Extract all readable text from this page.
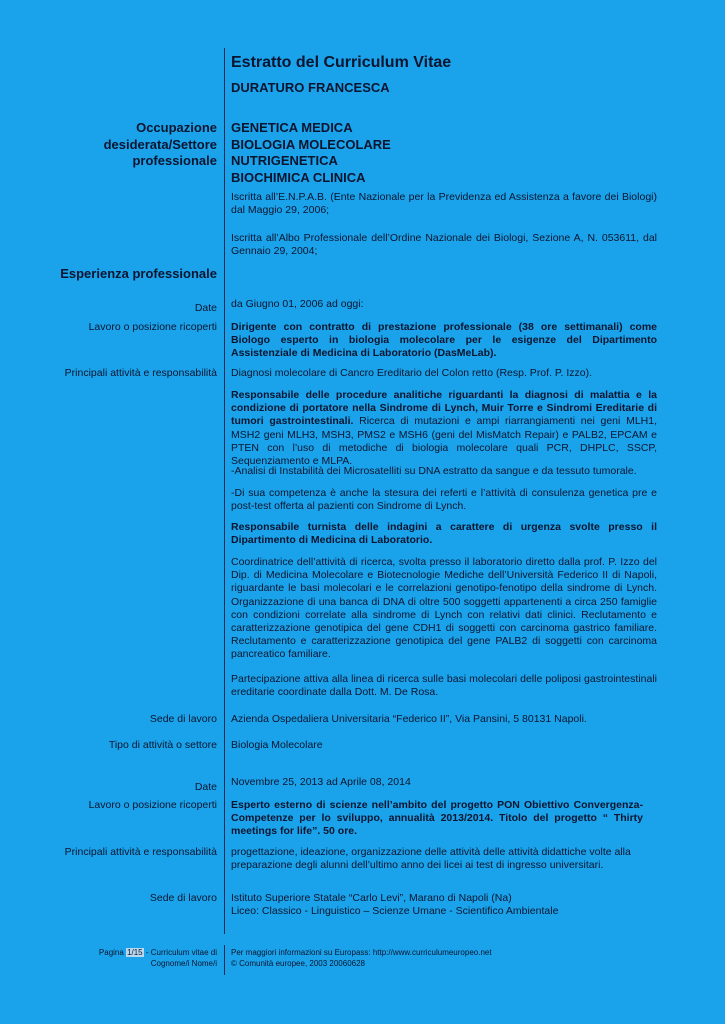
Estratto del Curriculum Vitae
DURATURO FRANCESCA
Occupazione
desiderata/Settore
professionale
GENETICA MEDICA
BIOLOGIA MOLECOLARE
NUTRIGENETICA
BIOCHIMICA CLINICA
Iscritta all’E.N.P.A.B. (Ente Nazionale per la Previdenza ed Assistenza a favore dei Biologi) dal Maggio 29, 2006;
Iscritta all’Albo Professionale dell’Ordine Nazionale dei Biologi, Sezione A, N. 053611, dal Gennaio 29, 2004;
Esperienza professionale
Date da Giugno 01, 2006 ad oggi:
Lavoro o posizione ricoperti Dirigente con contratto di prestazione professionale (38 ore settimanali) come Biologo esperto in biologia molecolare per le esigenze del Dipartimento Assistenziale di Medicina di Laboratorio (DasMeLab).
Principali attività e responsabilità Diagnosi molecolare di Cancro Ereditario del Colon retto (Resp. Prof. P. Izzo).
Responsabile delle procedure analitiche riguardanti la diagnosi di malattia e la condizione di portatore nella Sindrome di Lynch, Muir Torre e Sindromi Ereditarie di tumori gastrointestinali. Ricerca di mutazioni e ampi riarrangiamenti nei geni MLH1, MSH2 geni MLH3, MSH3, PMS2 e MSH6 (geni del MisMatch Repair) e PALB2, EPCAM e PTEN con l’uso di metodiche di biologia molecolare quali PCR, DHPLC, SSCP, Sequenziamento e MLPA.
-Analisi di Instabilità dei Microsatelliti su DNA estratto da sangue e da tessuto tumorale.
-Di sua competenza è anche la stesura dei referti e l’attività di consulenza genetica pre e post-test offerta al pazienti con Sindrome di Lynch.
Responsabile turnista delle indagini a carattere di urgenza svolte presso il Dipartimento di Medicina di Laboratorio.
Coordinatrice dell’attività di ricerca, svolta presso il laboratorio diretto dalla prof. P. Izzo del Dip. di Medicina Molecolare e Biotecnologie Mediche dell’Università Federico II di Napoli, riguardante le basi molecolari e le correlazioni genotipo-fenotipo della sindrome di Lynch. Organizzazione di una banca di DNA di oltre 500 soggetti appartenenti a circa 250 famiglie con condizioni correlate alla sindrome di Lynch con relativi dati clinici. Reclutamento e caratterizzazione genotipica del gene CDH1 di soggetti con carcinoma gastrico familiare. Reclutamento e caratterizzazione genotipica del gene PALB2 di soggetti con carcinoma pancreatico familiare.
Partecipazione attiva alla linea di ricerca sulle basi molecolari delle poliposi gastrointestinali ereditarie coordinate dalla Dott. M. De Rosa.
Sede di lavoro Azienda Ospedaliera Universitaria “Federico II”, Via Pansini, 5 80131 Napoli.
Tipo di attività o settore Biologia Molecolare
Date Novembre 25, 2013 ad Aprile 08, 2014
Lavoro o posizione ricoperti Esperto esterno di scienze nell’ambito del progetto PON Obiettivo Convergenza-Competenze per lo sviluppo, annualità 2013/2014. Titolo del progetto “ Thirty meetings for life”. 50 ore.
Principali attività e responsabilità progettazione, ideazione, organizzazione delle attività delle attività didattiche volte alla preparazione degli alunni dell’ultimo anno dei licei ai test di ingresso universitari.
Sede di lavoro Istituto Superiore Statale “Carlo Levi”, Marano di Napoli (Na)
Liceo: Classico - Linguistico – Scienze Umane - Scientifico Ambientale
Pagina 1/15 - Curriculum vitae di
Cognome/i Nome/i
Per maggiori informazioni su Europass: http://www.curriculumeuropeo.net
© Comunità europee, 2003 20060628
